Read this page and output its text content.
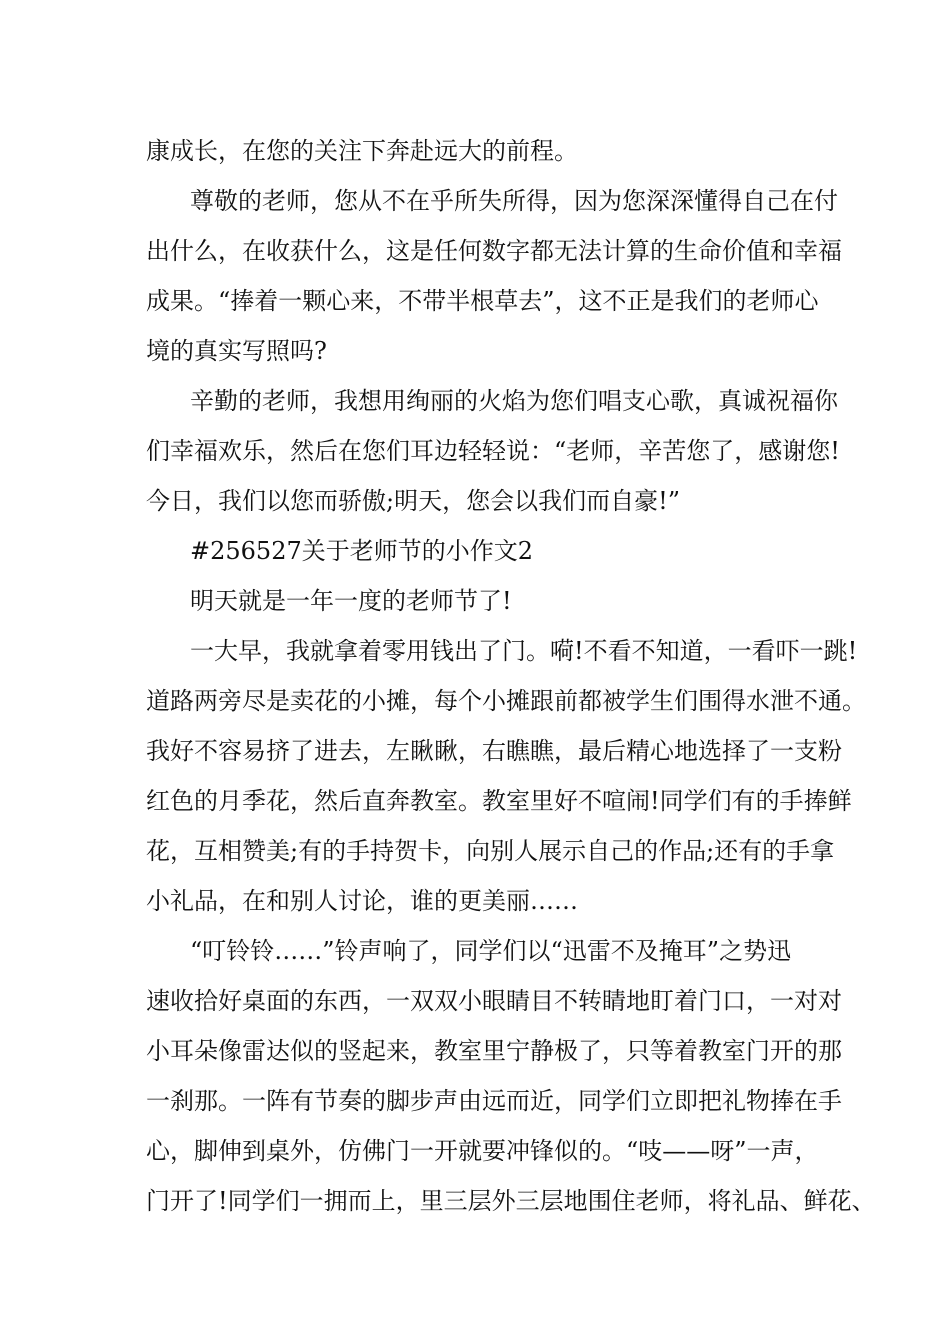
康成长，在您的关注下奔赴远大的前程。
尊敬的老师，您从不在乎所失所得，因为您深深懂得自己在付
出什么，在收获什么，这是任何数字都无法计算的生命价值和幸福
成果。“捧着一颗心来，不带半根草去”，这不正是我们的老师心
境的真实写照吗?
辛勤的老师，我想用绚丽的火焰为您们唱支心歌，真诚祝福你
们幸福欢乐，然后在您们耳边轻轻说：“老师，辛苦您了，感谢您!
今日，我们以您而骄傲;明天，您会以我们而自豪!”
#256527关于老师节的小作文2
明天就是一年一度的老师节了!
一大早，我就拿着零用钱出了门。嗬!不看不知道，一看吓一跳!
道路两旁尽是卖花的小摊，每个小摊跟前都被学生们围得水泄不通。
我好不容易挤了进去，左瞅瞅，右瞧瞧，最后精心地选择了一支粉
红色的月季花，然后直奔教室。教室里好不喧闹!同学们有的手捧鲜
花，互相赞美;有的手持贺卡，向别人展示自己的作品;还有的手拿
小礼品，在和别人讨论，谁的更美丽……
“叮铃铃……”铃声响了，同学们以“迅雷不及掩耳”之势迅
速收拾好桌面的东西，一双双小眼睛目不转睛地盯着门口，一对对
小耳朵像雷达似的竖起来，教室里宁静极了，只等着教室门开的那
一刹那。一阵有节奏的脚步声由远而近，同学们立即把礼物捧在手
心，脚伸到桌外，仿佛门一开就要冲锋似的。“吱——呀”一声，
门开了!同学们一拥而上，里三层外三层地围住老师，将礼品、鲜花、
